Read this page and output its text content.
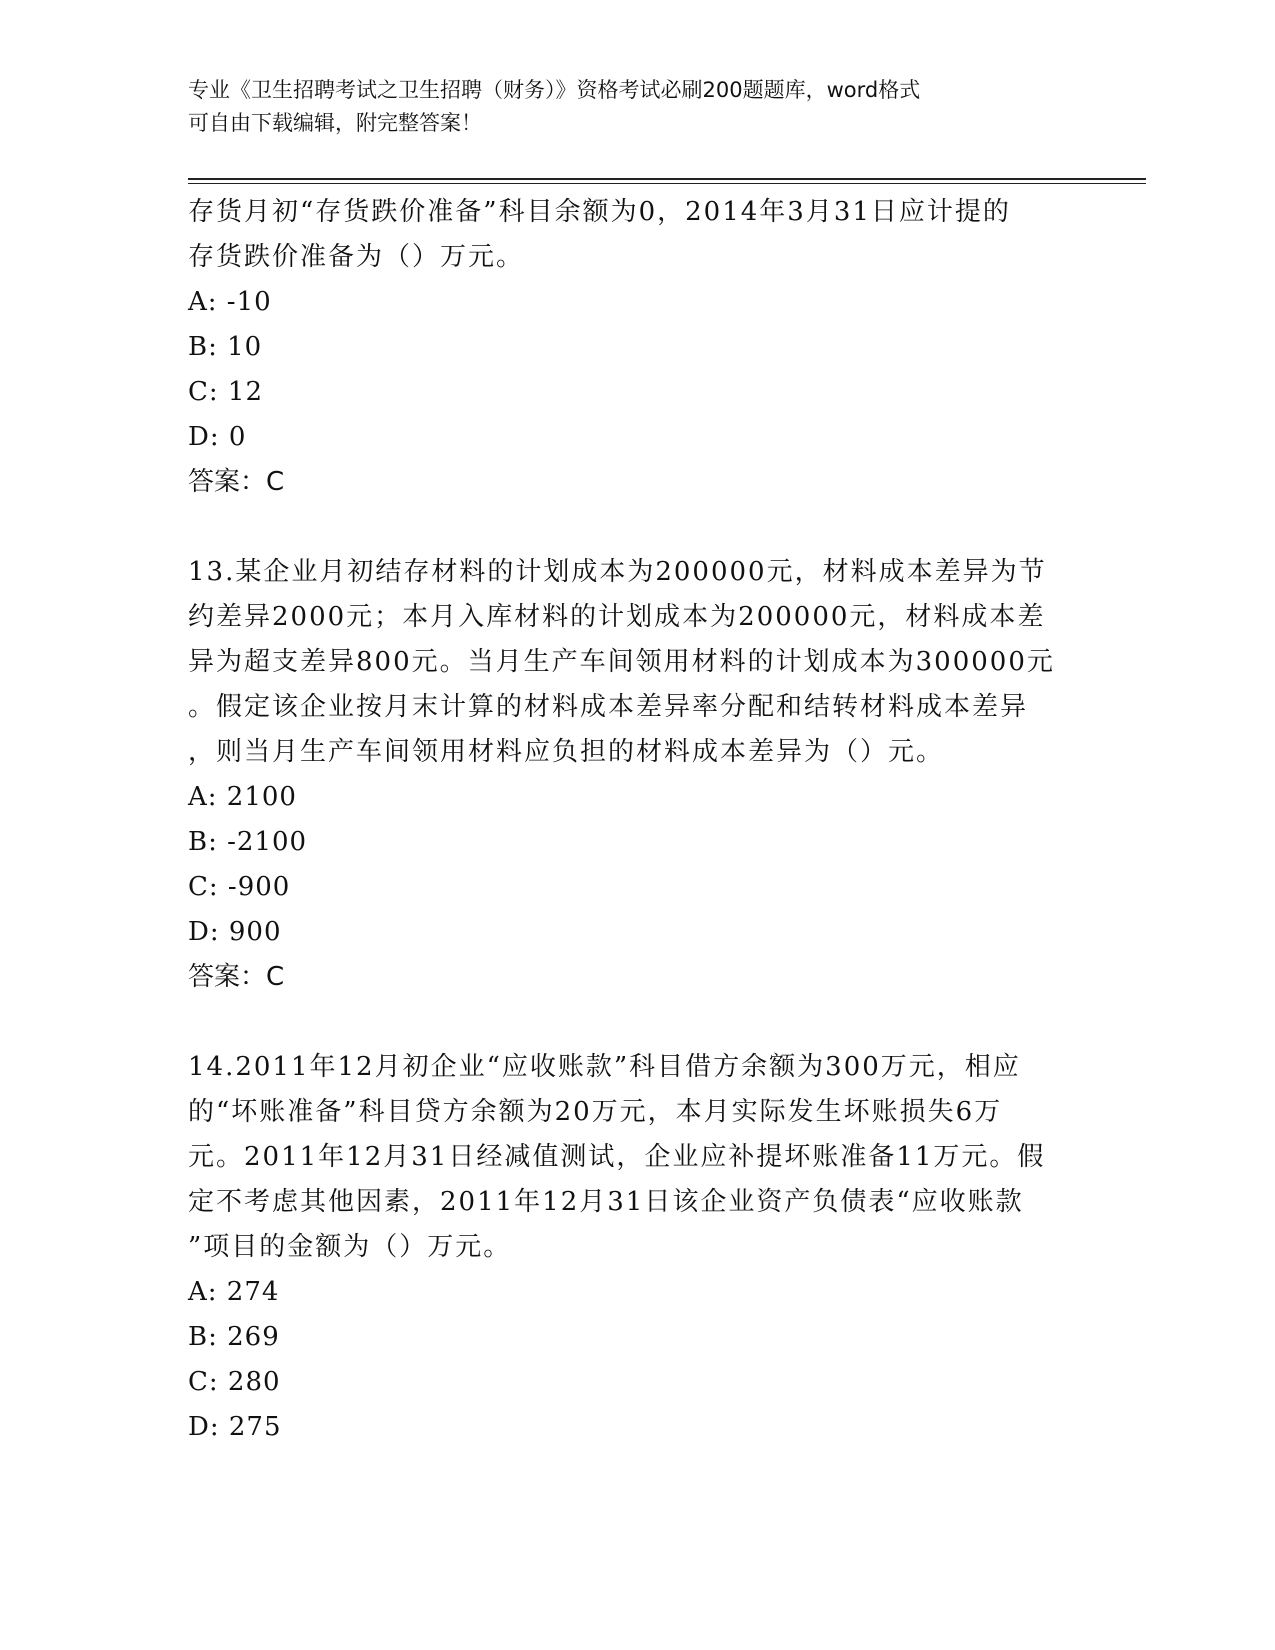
专业《卫生招聘考试之卫生招聘（财务）》资格考试必刷200题题库，word格式
可自由下载编辑，附完整答案！

存货月初“存货跌价准备”科目余额为0，2014年3月31日应计提的

存货跌价准备为（）万元。

A: -10

B: 10

C: 12

D: 0

答案：C

13.某企业月初结存材料的计划成本为200000元，材料成本差异为节

约差异2000元；本月入库材料的计划成本为200000元，材料成本差

异为超支差异800元。当月生产车间领用材料的计划成本为300000元

。假定该企业按月末计算的材料成本差异率分配和结转材料成本差异

，则当月生产车间领用材料应负担的材料成本差异为（）元。

A: 2100

B: -2100

C: -900

D: 900

答案：C

14.2011年12月初企业“应收账款”科目借方余额为300万元，相应

的“坏账准备”科目贷方余额为20万元，本月实际发生坏账损失6万

元。2011年12月31日经减值测试，企业应补提坏账准备11万元。假

定不考虑其他因素，2011年12月31日该企业资产负债表“应收账款

”项目的金额为（）万元。

A: 274

B: 269

C: 280

D: 275
